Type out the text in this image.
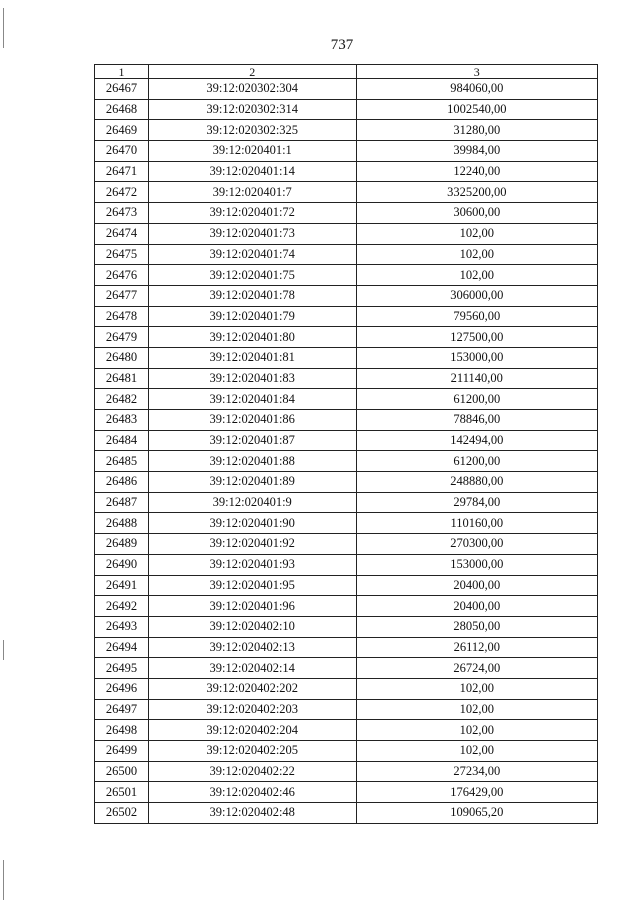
737
1	2	3
26467	39:12:020302:304	984060,00
26468	39:12:020302:314	1002540,00
26469	39:12:020302:325	31280,00
26470	39:12:020401:1	39984,00
26471	39:12:020401:14	12240,00
26472	39:12:020401:7	3325200,00
26473	39:12:020401:72	30600,00
26474	39:12:020401:73	102,00
26475	39:12:020401:74	102,00
26476	39:12:020401:75	102,00
26477	39:12:020401:78	306000,00
26478	39:12:020401:79	79560,00
26479	39:12:020401:80	127500,00
26480	39:12:020401:81	153000,00
26481	39:12:020401:83	211140,00
26482	39:12:020401:84	61200,00
26483	39:12:020401:86	78846,00
26484	39:12:020401:87	142494,00
26485	39:12:020401:88	61200,00
26486	39:12:020401:89	248880,00
26487	39:12:020401:9	29784,00
26488	39:12:020401:90	110160,00
26489	39:12:020401:92	270300,00
26490	39:12:020401:93	153000,00
26491	39:12:020401:95	20400,00
26492	39:12:020401:96	20400,00
26493	39:12:020402:10	28050,00
26494	39:12:020402:13	26112,00
26495	39:12:020402:14	26724,00
26496	39:12:020402:202	102,00
26497	39:12:020402:203	102,00
26498	39:12:020402:204	102,00
26499	39:12:020402:205	102,00
26500	39:12:020402:22	27234,00
26501	39:12:020402:46	176429,00
26502	39:12:020402:48	109065,20
